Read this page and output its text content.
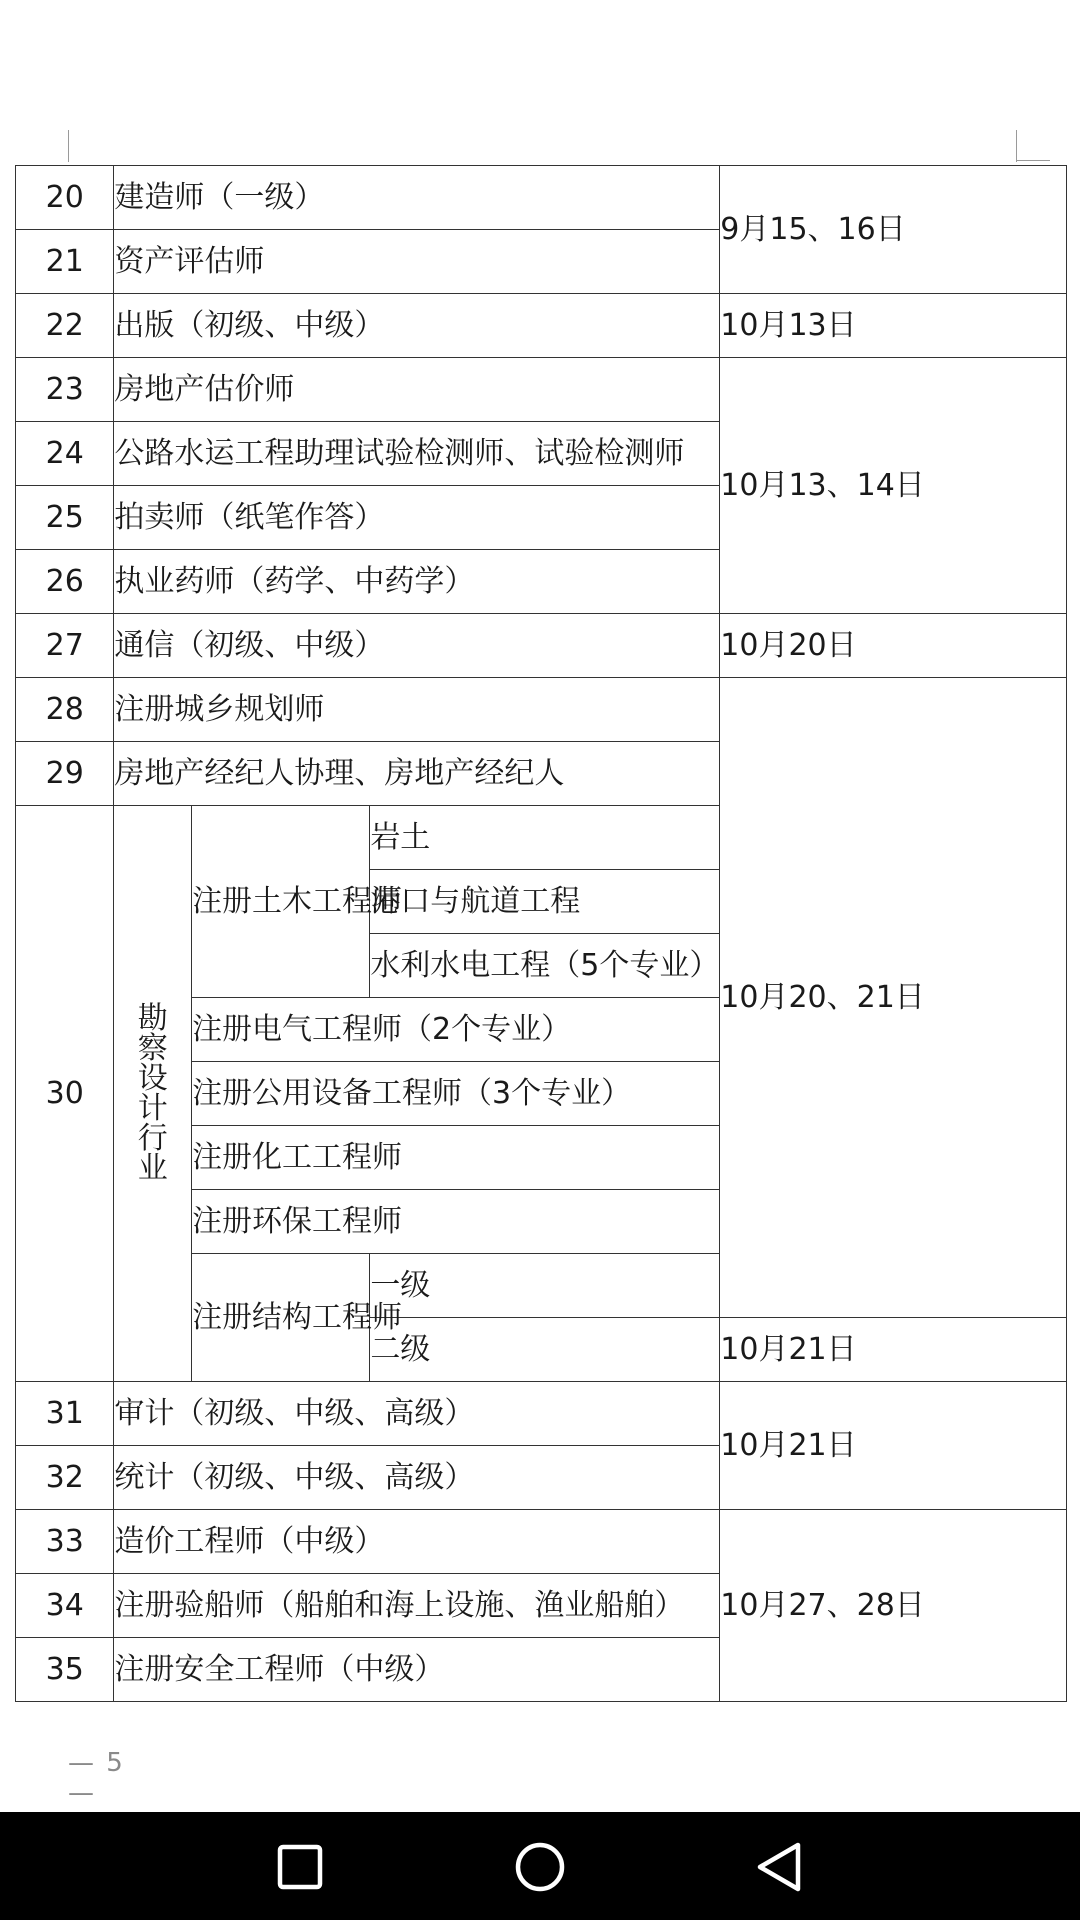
20	建造师（一级）			9月15、16日
21	资产评估师			
22	出版（初级、中级）			10月13日
23	房地产估价师			10月13、14日
24	公路水运工程助理试验检测师、试验检测师			
25	拍卖师（纸笔作答）			
26	执业药师（药学、中药学）			
27	通信（初级、中级）			10月20日
28	注册城乡规划师			10月20、21日
29	房地产经纪人协理、房地产经纪人			
30	勘察设计行业	注册土木工程师	岩土	
			港口与航道工程	
			水利水电工程（5个专业）	
		注册电气工程师（2个专业）		
		注册公用设备工程师（3个专业）		
		注册化工工程师		
		注册环保工程师		
		注册结构工程师	一级	
			二级	10月21日
31	审计（初级、中级、高级）			10月21日
32	统计（初级、中级、高级）			
33	造价工程师（中级）			10月27、28日
34	注册验船师（船舶和海上设施、渔业船舶）			
35	注册安全工程师（中级）			
— 5 —
